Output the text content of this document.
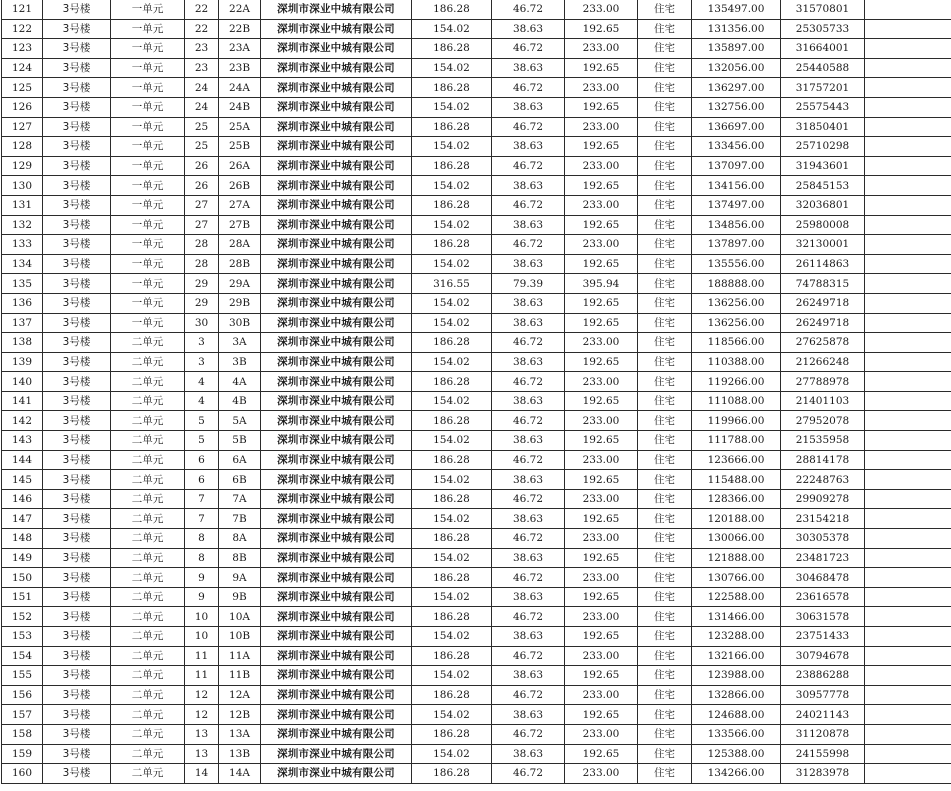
121	3号楼	一单元	22	22A	深圳市深业中城有限公司	186.28	46.72	233.00	住宅	135497.00	31570801	
122	3号楼	一单元	22	22B	深圳市深业中城有限公司	154.02	38.63	192.65	住宅	131356.00	25305733	
123	3号楼	一单元	23	23A	深圳市深业中城有限公司	186.28	46.72	233.00	住宅	135897.00	31664001	
124	3号楼	一单元	23	23B	深圳市深业中城有限公司	154.02	38.63	192.65	住宅	132056.00	25440588	
125	3号楼	一单元	24	24A	深圳市深业中城有限公司	186.28	46.72	233.00	住宅	136297.00	31757201	
126	3号楼	一单元	24	24B	深圳市深业中城有限公司	154.02	38.63	192.65	住宅	132756.00	25575443	
127	3号楼	一单元	25	25A	深圳市深业中城有限公司	186.28	46.72	233.00	住宅	136697.00	31850401	
128	3号楼	一单元	25	25B	深圳市深业中城有限公司	154.02	38.63	192.65	住宅	133456.00	25710298	
129	3号楼	一单元	26	26A	深圳市深业中城有限公司	186.28	46.72	233.00	住宅	137097.00	31943601	
130	3号楼	一单元	26	26B	深圳市深业中城有限公司	154.02	38.63	192.65	住宅	134156.00	25845153	
131	3号楼	一单元	27	27A	深圳市深业中城有限公司	186.28	46.72	233.00	住宅	137497.00	32036801	
132	3号楼	一单元	27	27B	深圳市深业中城有限公司	154.02	38.63	192.65	住宅	134856.00	25980008	
133	3号楼	一单元	28	28A	深圳市深业中城有限公司	186.28	46.72	233.00	住宅	137897.00	32130001	
134	3号楼	一单元	28	28B	深圳市深业中城有限公司	154.02	38.63	192.65	住宅	135556.00	26114863	
135	3号楼	一单元	29	29A	深圳市深业中城有限公司	316.55	79.39	395.94	住宅	188888.00	74788315	
136	3号楼	一单元	29	29B	深圳市深业中城有限公司	154.02	38.63	192.65	住宅	136256.00	26249718	
137	3号楼	一单元	30	30B	深圳市深业中城有限公司	154.02	38.63	192.65	住宅	136256.00	26249718	
138	3号楼	二单元	3	3A	深圳市深业中城有限公司	186.28	46.72	233.00	住宅	118566.00	27625878	
139	3号楼	二单元	3	3B	深圳市深业中城有限公司	154.02	38.63	192.65	住宅	110388.00	21266248	
140	3号楼	二单元	4	4A	深圳市深业中城有限公司	186.28	46.72	233.00	住宅	119266.00	27788978	
141	3号楼	二单元	4	4B	深圳市深业中城有限公司	154.02	38.63	192.65	住宅	111088.00	21401103	
142	3号楼	二单元	5	5A	深圳市深业中城有限公司	186.28	46.72	233.00	住宅	119966.00	27952078	
143	3号楼	二单元	5	5B	深圳市深业中城有限公司	154.02	38.63	192.65	住宅	111788.00	21535958	
144	3号楼	二单元	6	6A	深圳市深业中城有限公司	186.28	46.72	233.00	住宅	123666.00	28814178	
145	3号楼	二单元	6	6B	深圳市深业中城有限公司	154.02	38.63	192.65	住宅	115488.00	22248763	
146	3号楼	二单元	7	7A	深圳市深业中城有限公司	186.28	46.72	233.00	住宅	128366.00	29909278	
147	3号楼	二单元	7	7B	深圳市深业中城有限公司	154.02	38.63	192.65	住宅	120188.00	23154218	
148	3号楼	二单元	8	8A	深圳市深业中城有限公司	186.28	46.72	233.00	住宅	130066.00	30305378	
149	3号楼	二单元	8	8B	深圳市深业中城有限公司	154.02	38.63	192.65	住宅	121888.00	23481723	
150	3号楼	二单元	9	9A	深圳市深业中城有限公司	186.28	46.72	233.00	住宅	130766.00	30468478	
151	3号楼	二单元	9	9B	深圳市深业中城有限公司	154.02	38.63	192.65	住宅	122588.00	23616578	
152	3号楼	二单元	10	10A	深圳市深业中城有限公司	186.28	46.72	233.00	住宅	131466.00	30631578	
153	3号楼	二单元	10	10B	深圳市深业中城有限公司	154.02	38.63	192.65	住宅	123288.00	23751433	
154	3号楼	二单元	11	11A	深圳市深业中城有限公司	186.28	46.72	233.00	住宅	132166.00	30794678	
155	3号楼	二单元	11	11B	深圳市深业中城有限公司	154.02	38.63	192.65	住宅	123988.00	23886288	
156	3号楼	二单元	12	12A	深圳市深业中城有限公司	186.28	46.72	233.00	住宅	132866.00	30957778	
157	3号楼	二单元	12	12B	深圳市深业中城有限公司	154.02	38.63	192.65	住宅	124688.00	24021143	
158	3号楼	二单元	13	13A	深圳市深业中城有限公司	186.28	46.72	233.00	住宅	133566.00	31120878	
159	3号楼	二单元	13	13B	深圳市深业中城有限公司	154.02	38.63	192.65	住宅	125388.00	24155998	
160	3号楼	二单元	14	14A	深圳市深业中城有限公司	186.28	46.72	233.00	住宅	134266.00	31283978	
